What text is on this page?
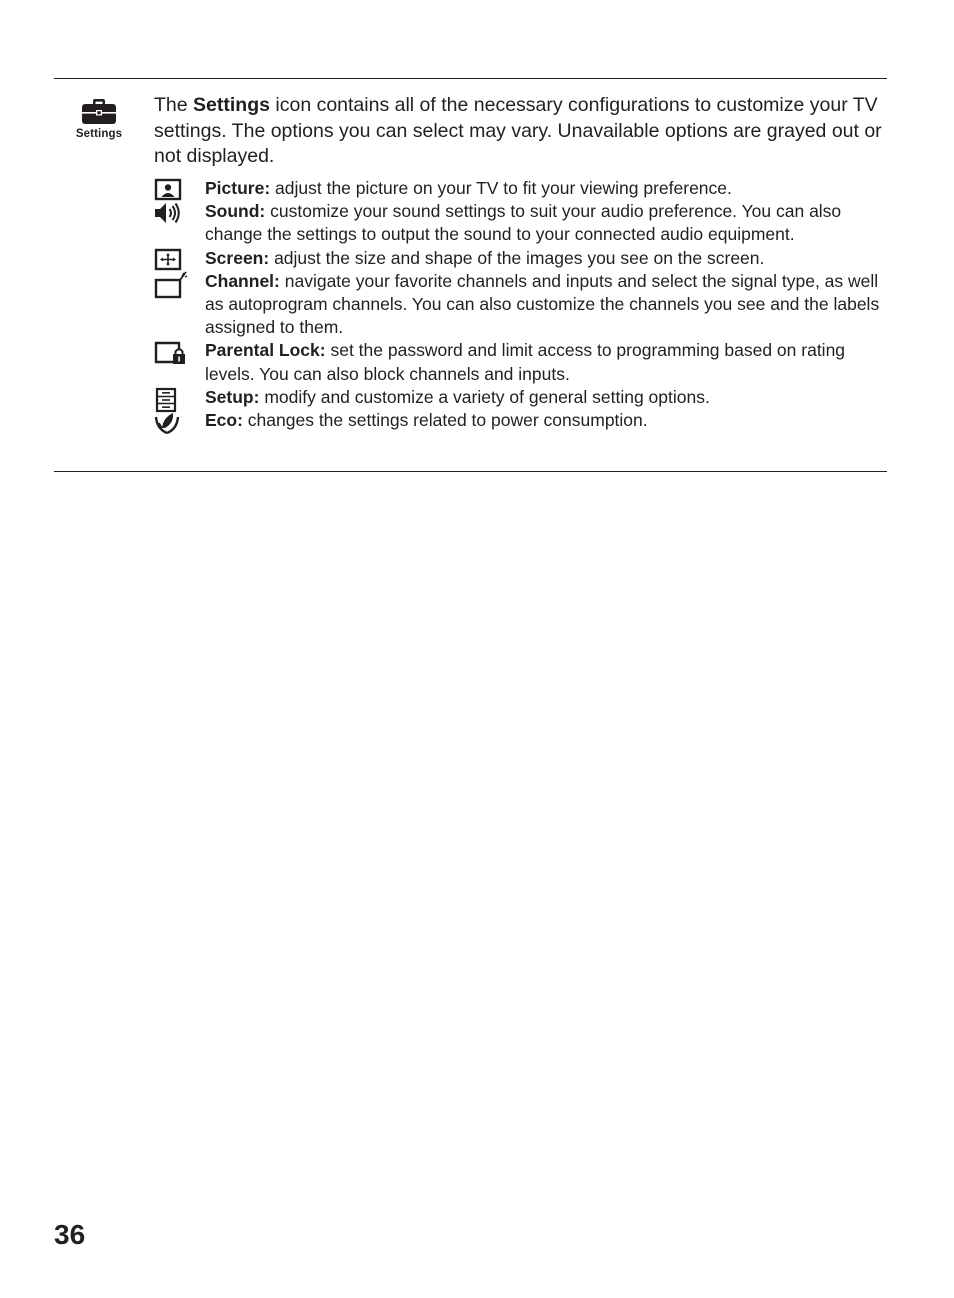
Settings

The Settings icon contains all of the necessary configurations to customize your TV settings. The options you can select may vary. Unavailable options are grayed out or not displayed.

Picture: adjust the picture on your TV to fit your viewing preference.
Sound: customize your sound settings to suit your audio preference. You can also change the settings to output the sound to your connected audio equipment.
Screen: adjust the size and shape of the images you see on the screen.
Channel: navigate your favorite channels and inputs and select the signal type, as well as autoprogram channels. You can also customize the channels you see and the labels assigned to them.
Parental Lock: set the password and limit access to programming based on rating levels. You can also block channels and inputs.
Setup: modify and customize a variety of general setting options.
Eco: changes the settings related to power consumption.

36
